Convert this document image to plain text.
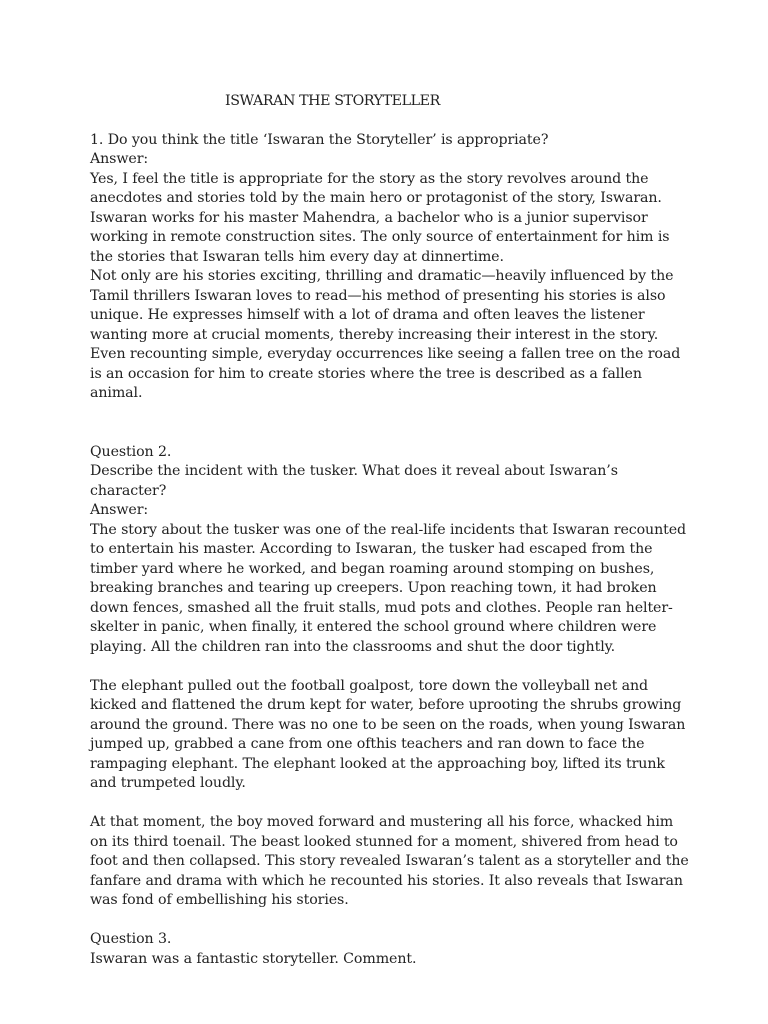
ISWARAN THE STORYTELLER

1. Do you think the title ‘Iswaran the Storyteller’ is appropriate?

Answer:

Yes, I feel the title is appropriate for the story as the story revolves around the anecdotes and stories told by the main hero or protagonist of the story, Iswaran. Iswaran works for his master Mahendra, a bachelor who is a junior supervisor working in remote construction sites. The only source of entertainment for him is the stories that Iswaran tells him every day at dinnertime.

Not only are his stories exciting, thrilling and dramatic—heavily influenced by the Tamil thrillers Iswaran loves to read—his method of presenting his stories is also unique. He expresses himself with a lot of drama and often leaves the listener wanting more at crucial moments, thereby increasing their interest in the story. Even recounting simple, everyday occurrences like seeing a fallen tree on the road is an occasion for him to create stories where the tree is described as a fallen animal.

Question 2.

Describe the incident with the tusker. What does it reveal about Iswaran’s character?

Answer:

The story about the tusker was one of the real-life incidents that Iswaran recounted to entertain his master. According to Iswaran, the tusker had escaped from the timber yard where he worked, and began roaming around stomping on bushes, breaking branches and tearing up creepers. Upon reaching town, it had broken down fences, smashed all the fruit stalls, mud pots and clothes. People ran helter-skelter in panic, when finally, it entered the school ground where children were playing. All the children ran into the classrooms and shut the door tightly.

The elephant pulled out the football goalpost, tore down the volleyball net and kicked and flattened the drum kept for water, before uprooting the shrubs growing around the ground. There was no one to be seen on the roads, when young Iswaran jumped up, grabbed a cane from one ofthis teachers and ran down to face the rampaging elephant. The elephant looked at the approaching boy, lifted its trunk and trumpeted loudly.

At that moment, the boy moved forward and mustering all his force, whacked him on its third toenail. The beast looked stunned for a moment, shivered from head to foot and then collapsed. This story revealed Iswaran’s talent as a storyteller and the fanfare and drama with which he recounted his stories. It also reveals that Iswaran was fond of embellishing his stories.

Question 3.

Iswaran was a fantastic storyteller. Comment.
